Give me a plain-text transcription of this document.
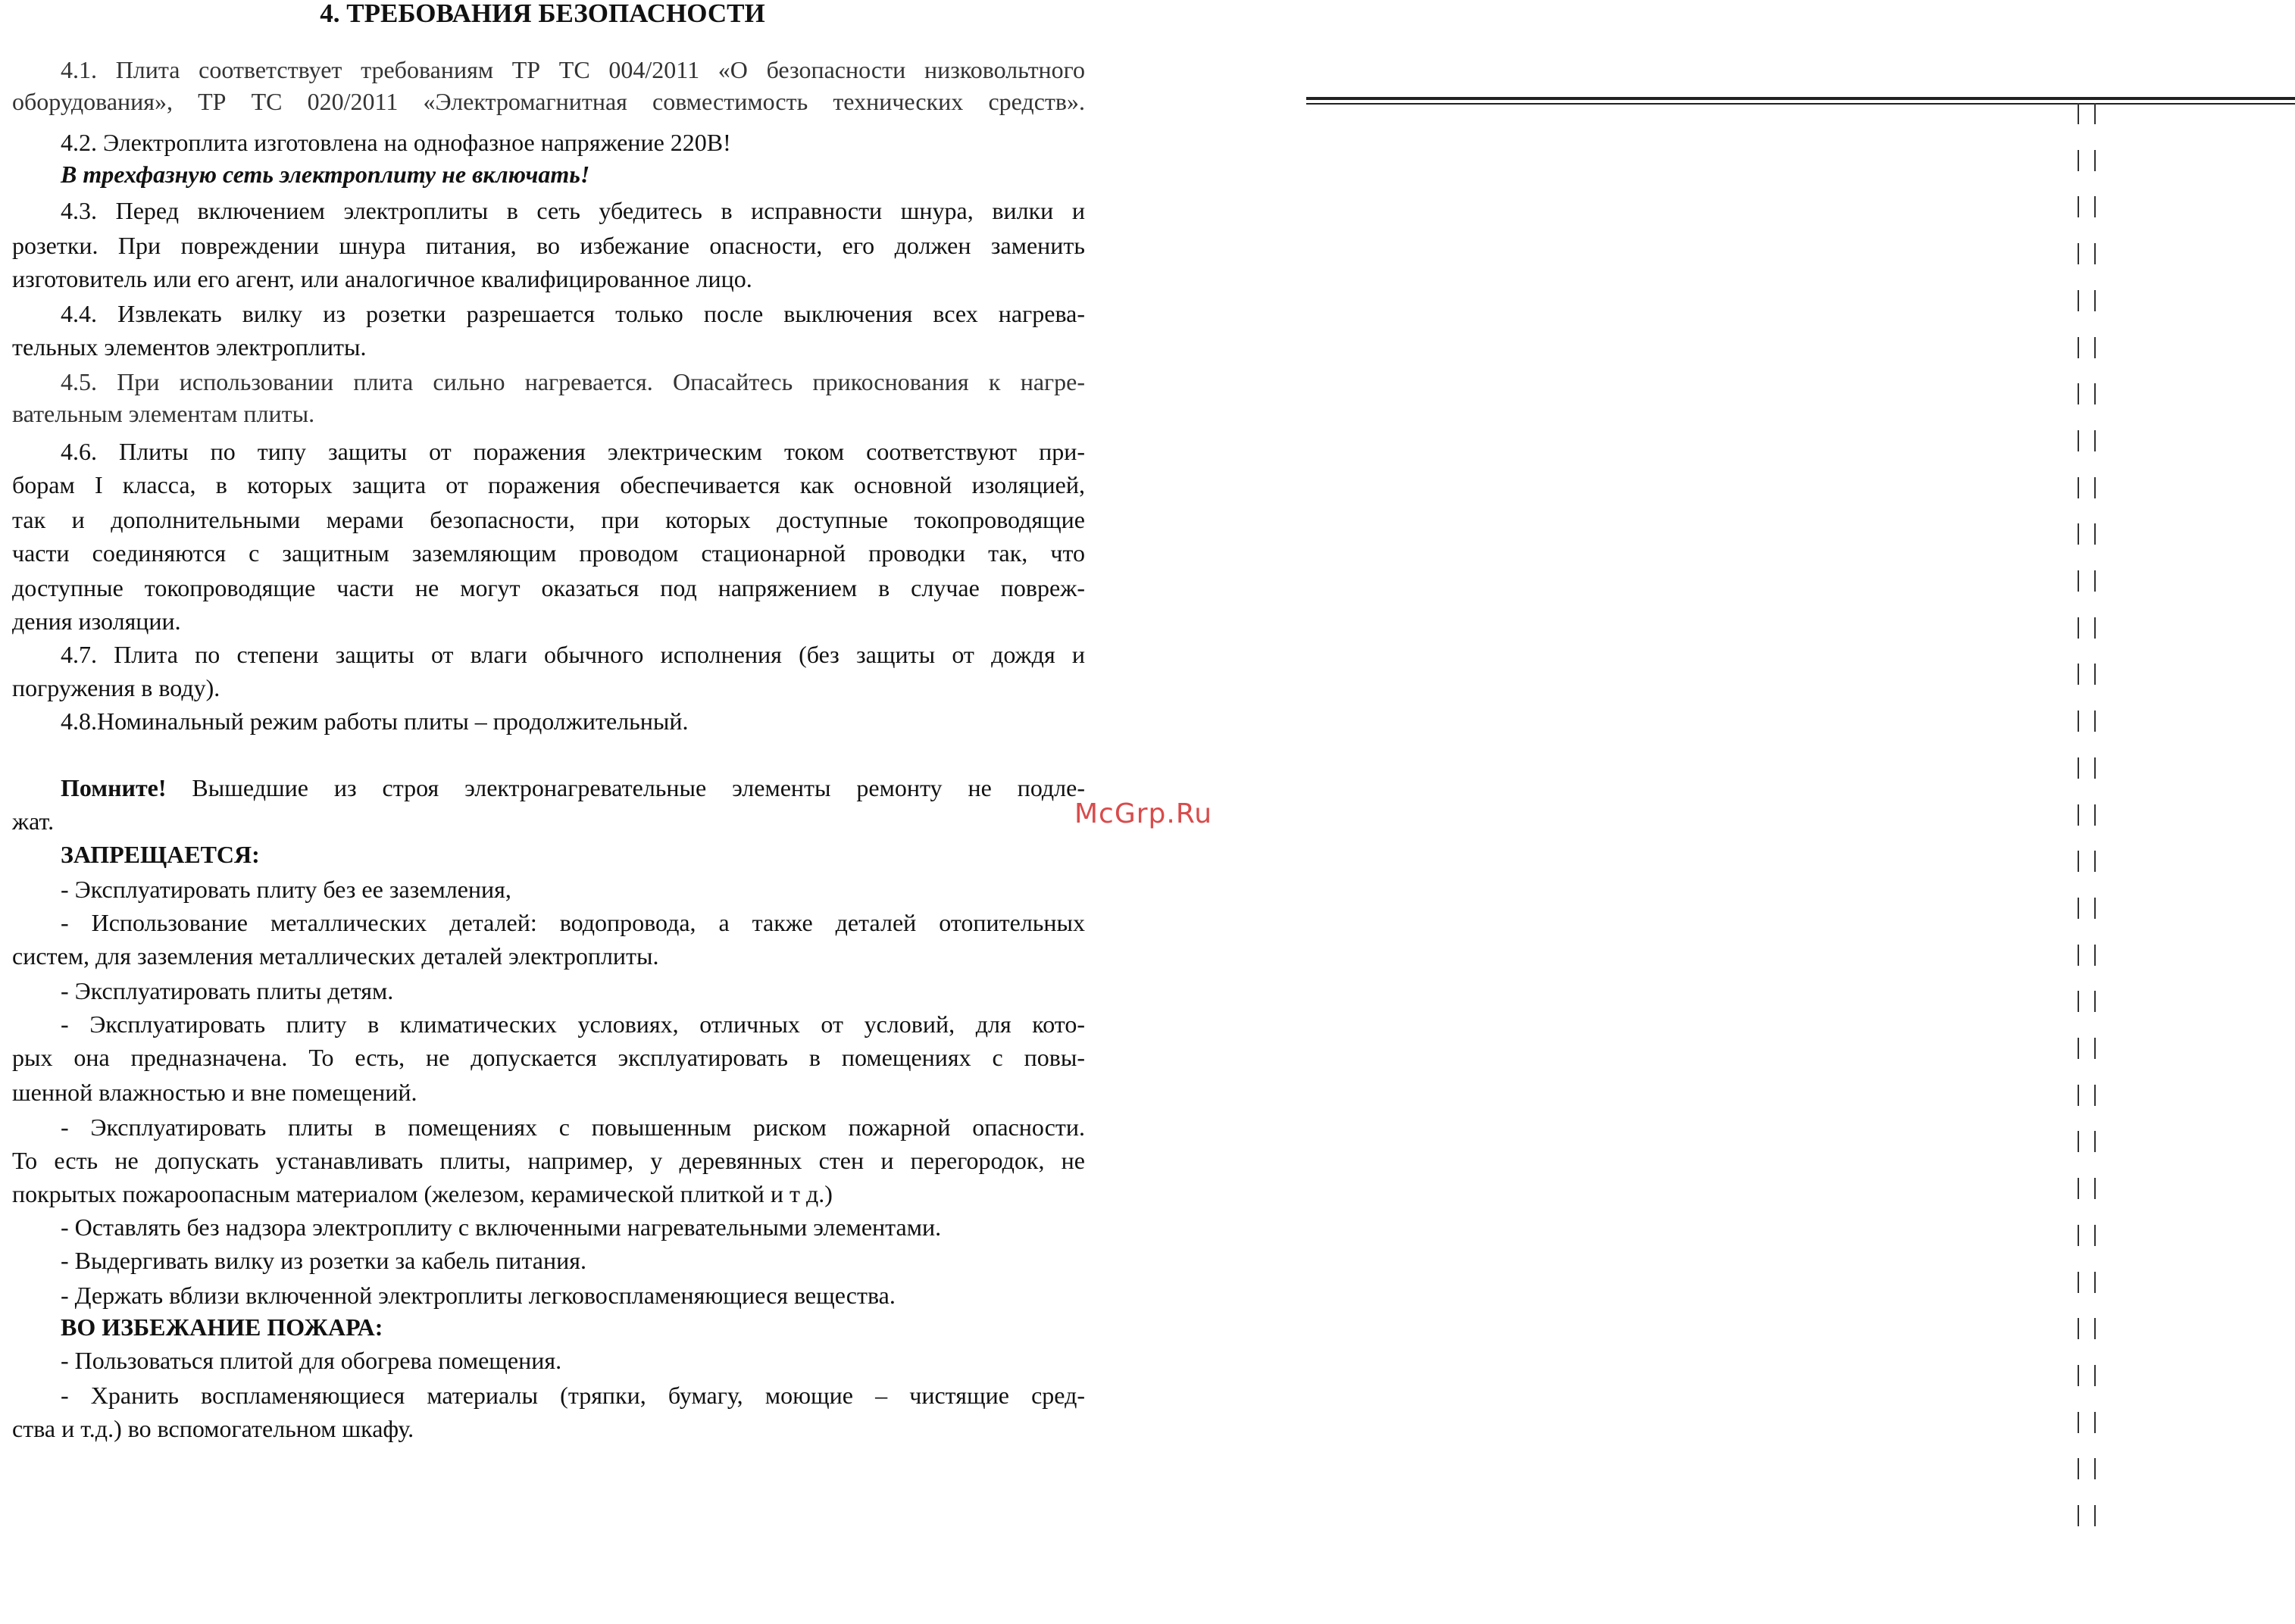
4. ТРЕБОВАНИЯ БЕЗОПАСНОСТИ
4.1. Плита соответствует требованиям ТР ТС 004/2011 «О безопасности низковольтного
оборудования», ТР ТС 020/2011 «Электромагнитная совместимость технических средств».
4.2. Электроплита изготовлена на однофазное напряжение 220В!
В трехфазную сеть электроплиту не включать!
4.3. Перед включением электроплиты в сеть убедитесь в исправности шнура, вилки и
розетки. При повреждении шнура питания, во избежание опасности, его должен заменить
изготовитель или его агент, или аналогичное квалифицированное лицо.
4.4. Извлекать вилку из розетки разрешается только после выключения всех нагрева-
тельных элементов электроплиты.
4.5. При использовании плита сильно нагревается. Опасайтесь прикоснования к нагре-
вательным элементам плиты.
4.6. Плиты по типу защиты от поражения электрическим током соответствуют при-
борам I класса, в которых защита от поражения обеспечивается как основной изоляцией,
так и дополнительными мерами безопасности, при которых доступные токопроводящие
части соединяются с защитным заземляющим проводом стационарной проводки так, что
доступные токопроводящие части не могут оказаться под напряжением в случае повреж-
дения изоляции.
4.7. Плита по степени защиты от влаги обычного исполнения (без защиты от дождя и
погружения в воду).
4.8.Номинальный режим работы плиты – продолжительный.
Помните! Вышедшие из строя электронагревательные элементы ремонту не подле-
жат.	McGrp.Ru
ЗАПРЕЩАЕТСЯ:
- Эксплуатировать плиту без ее заземления,
- Использование металлических деталей: водопровода, а также деталей отопительных
систем, для заземления металлических деталей электроплиты.
- Эксплуатировать плиты детям.
- Эксплуатировать плиту в климатических условиях, отличных от условий, для кото-
рых она предназначена. То есть, не допускается эксплуатировать в помещениях с повы-
шенной влажностью и вне помещений.
- Эксплуатировать плиты в помещениях с повышенным риском пожарной опасности.
То есть не допускать устанавливать плиты, например, у деревянных стен и перегородок, не
покрытых пожароопасным материалом (железом, керамической плиткой и т д.)
- Оставлять без надзора электроплиту с включенными нагревательными элементами.
- Выдергивать вилку из розетки за кабель питания.
- Держать вблизи включенной электроплиты легковоспламеняющиеся вещества.
ВО ИЗБЕЖАНИЕ ПОЖАРА:
- Пользоваться плитой для обогрева помещения.
- Хранить воспламеняющиеся материалы (тряпки, бумагу, моющие – чистящие сред-
ства и т.д.) во вспомогательном шкафу.
